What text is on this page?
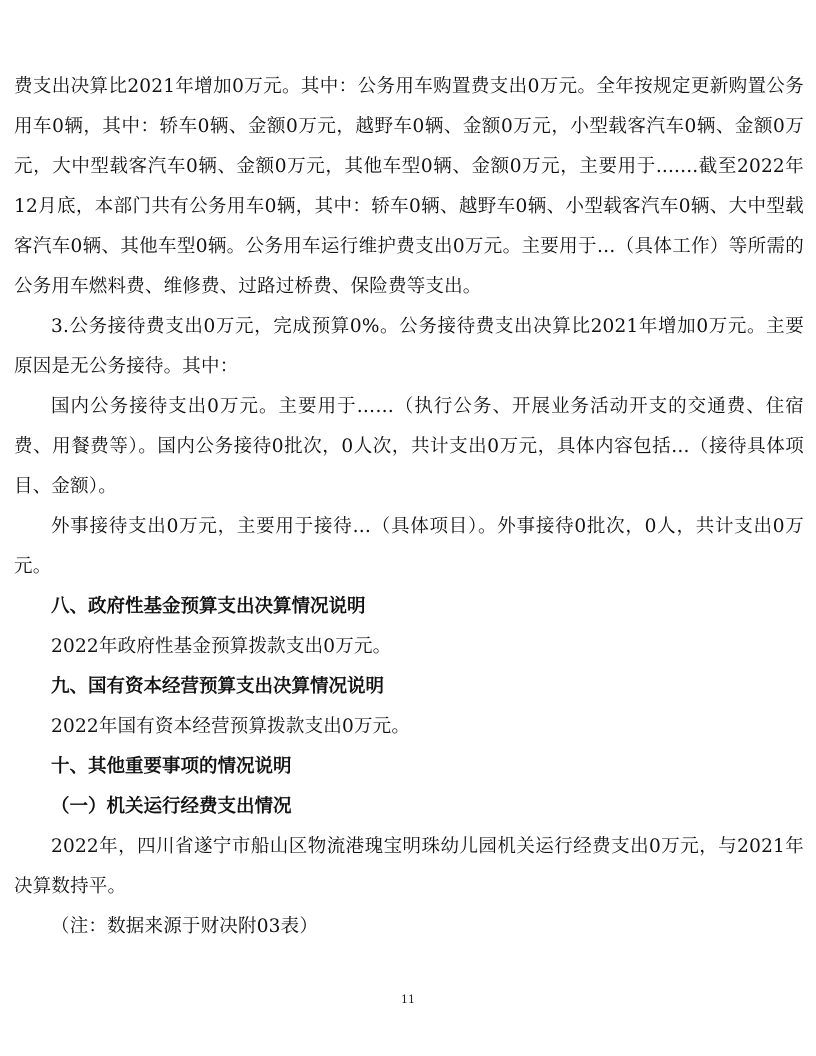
费支出决算比2021年增加0万元。其中：公务用车购置费支出0万元。全年按规定更新购置公务用车0辆，其中：轿车0辆、金额0万元，越野车0辆、金额0万元，小型载客汽车0辆、金额0万元，大中型载客汽车0辆、金额0万元，其他车型0辆、金额0万元，主要用于.......截至2022年12月底，本部门共有公务用车0辆，其中：轿车0辆、越野车0辆、小型载客汽车0辆、大中型载客汽车0辆、其他车型0辆。公务用车运行维护费支出0万元。主要用于…（具体工作）等所需的公务用车燃料费、维修费、过路过桥费、保险费等支出。

3.公务接待费支出0万元，完成预算0%。公务接待费支出决算比2021年增加0万元。主要原因是无公务接待。其中：

国内公务接待支出0万元。主要用于……（执行公务、开展业务活动开支的交通费、住宿费、用餐费等）。国内公务接待0批次，0人次，共计支出0万元，具体内容包括...（接待具体项目、金额）。

外事接待支出0万元，主要用于接待…（具体项目）。外事接待0批次，0人，共计支出0万元。

八、政府性基金预算支出决算情况说明

2022年政府性基金预算拨款支出0万元。

九、国有资本经营预算支出决算情况说明

2022年国有资本经营预算拨款支出0万元。

十、其他重要事项的情况说明

（一）机关运行经费支出情况

2022年，四川省遂宁市船山区物流港瑰宝明珠幼儿园机关运行经费支出0万元，与2021年决算数持平。

（注：数据来源于财决附03表）

11
